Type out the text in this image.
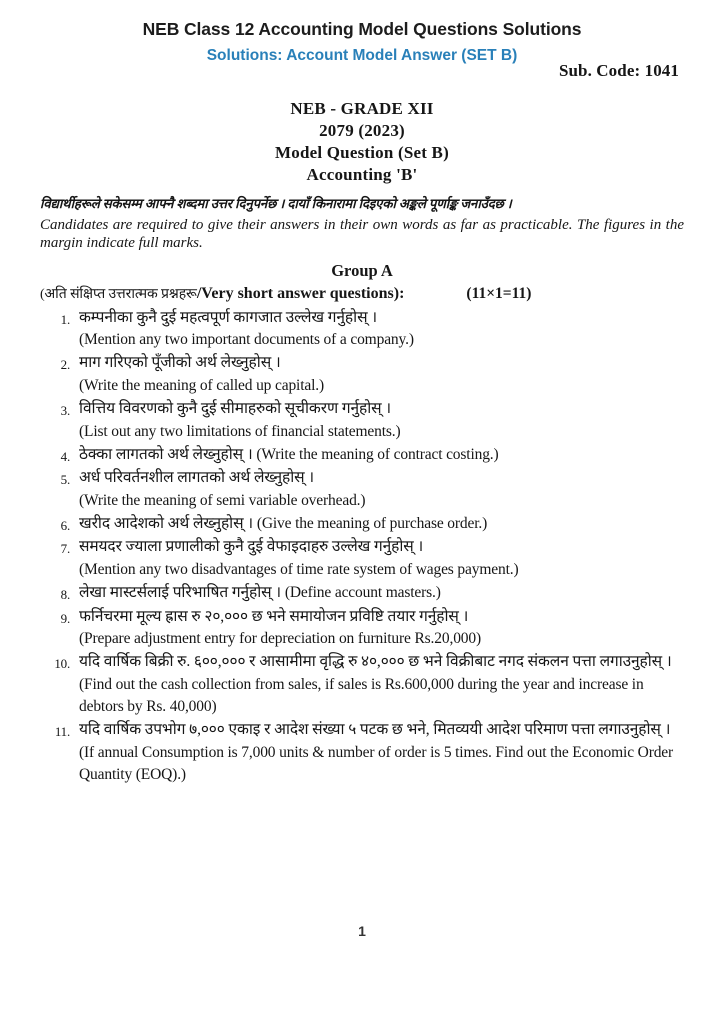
NEB Class 12 Accounting Model Questions Solutions
Solutions: Account Model Answer (SET B)
Sub. Code: 1041
NEB - GRADE XII
2079 (2023)
Model Question (Set B)
Accounting 'B'
विद्यार्थीहरूले सकेसम्म आफ्नै शब्दमा उत्तर दिनुपर्नेछ । दायाँ किनारामा दिइएको अङ्कले पूर्णाङ्क जनाउँदछ ।
Candidates are required to give their answers in their own words as far as practicable. The figures in the margin indicate full marks.
Group A
(अति संक्षिप्त उत्तरात्मक प्रश्नहरू / Very short answer questions):	(11×1=11)
1. कम्पनीका कुनै दुई महत्वपूर्ण कागजात उल्लेख गर्नुहोस् ।
(Mention any two important documents of a company.)
2. माग गरिएको पूँजीको अर्थ लेख्नुहोस् ।
(Write the meaning of called up capital.)
3. वित्तिय विवरणको कुनै दुई सीमाहरुको सूचीकरण गर्नुहोस् ।
(List out any two limitations of financial statements.)
4. ठेक्का लागतको अर्थ लेख्नुहोस् । (Write the meaning of contract costing.)
5. अर्ध परिवर्तनशील लागतको अर्थ लेख्नुहोस् ।
(Write the meaning of semi variable overhead.)
6. खरीद आदेशको अर्थ लेख्नुहोस् । (Give the meaning of purchase order.)
7. समयदर ज्याला प्रणालीको कुनै दुई वेफाइदाहरु उल्लेख गर्नुहोस् ।
(Mention any two disadvantages of time rate system of wages payment.)
8. लेखा मास्टर्सलाई परिभाषित गर्नुहोस् । (Define account masters.)
9. फर्निचरमा मूल्य ह्रास रु २०,००० छ भने समायोजन प्रविष्टि तयार गर्नुहोस् ।
(Prepare adjustment entry for depreciation on furniture Rs.20,000)
10. यदि वार्षिक बिक्री रु. ६००,००० र आसामीमा वृद्धि रु ४०,००० छ भने विक्रीबाट नगद संकलन पत्ता लगाउनुहोस् ।
(Find out the cash collection from sales, if sales is Rs.600,000 during the year and increase in debtors by Rs. 40,000)
11. यदि वार्षिक उपभोग ७,००० एकाइ र आदेश संख्या ५ पटक छ भने, मितव्ययी आदेश परिमाण पत्ता लगाउनुहोस् ।
(If annual Consumption is 7,000 units & number of order is 5 times. Find out the Economic Order Quantity (EOQ).)
1
